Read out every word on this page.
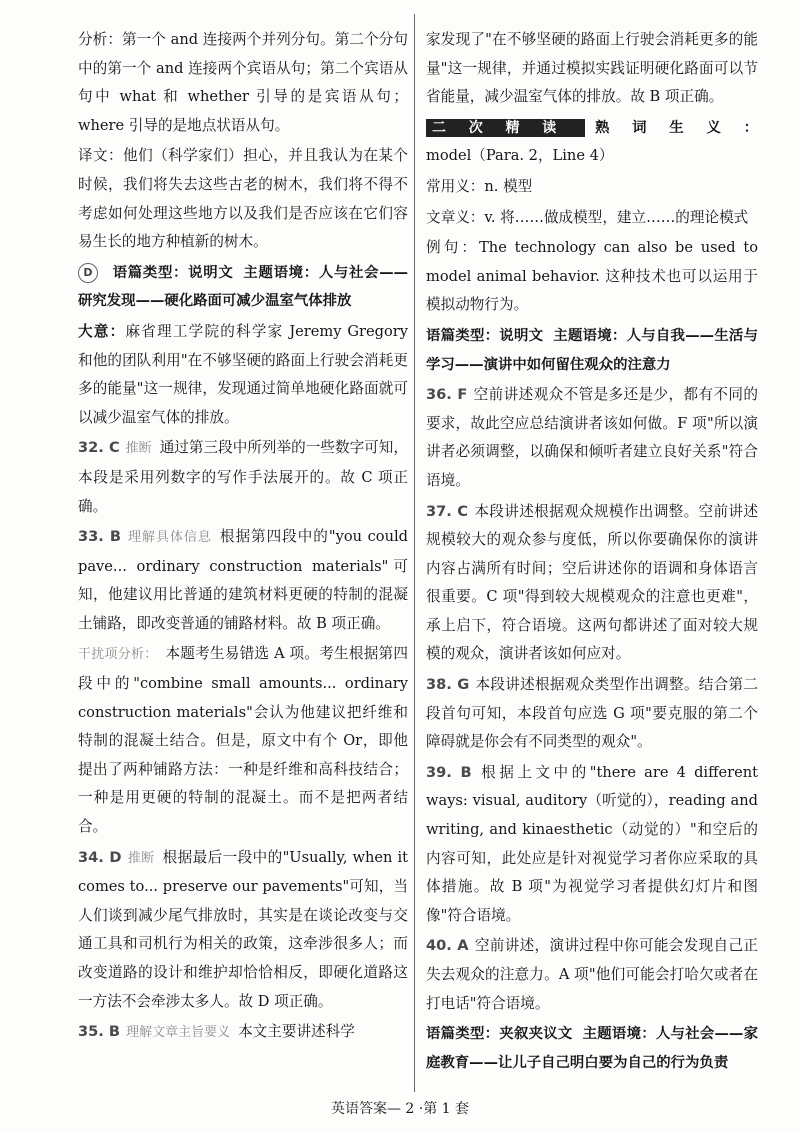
分析：第一个 and 连接两个并列分句。第二个分句中的第一个 and 连接两个宾语从句；第二个宾语从句中 what 和 whether 引导的是宾语从句；where 引导的是地点状语从句。
译文：他们（科学家们）担心，并且我认为在某个时候，我们将失去这些古老的树木，我们将不得不考虑如何处理这些地方以及我们是否应该在它们容易生长的地方种植新的树木。
D 语篇类型：说明文 主题语境：人与社会——研究发现——硬化路面可减少温室气体排放
大意：麻省理工学院的科学家 Jeremy Gregory 和他的团队利用"在不够坚硬的路面上行驶会消耗更多的能量"这一规律，发现通过简单地硬化路面就可以减少温室气体的排放。
32. C 推断 通过第三段中所列举的一些数字可知，本段是采用列数字的写作手法展开的。故 C 项正确。
33. B 理解具体信息 根据第四段中的"you could pave... ordinary construction materials"可知，他建议用比普通的建筑材料更硬的特制的混凝土铺路，即改变普通的铺路材料。故 B 项正确。
干扰项分析： 本题考生易错选 A 项。考生根据第四段中的"combine small amounts... ordinary construction materials"会认为他建议把纤维和特制的混凝土结合。但是，原文中有个 Or，即他提出了两种铺路方法：一种是纤维和高科技结合；一种是用更硬的特制的混凝土。而不是把两者结合。
34. D 推断 根据最后一段中的"Usually, when it comes to... preserve our pavements"可知，当人们谈到减少尾气排放时，其实是在谈论改变与交通工具和司机行为相关的政策，这牵涉很多人；而改变道路的设计和维护却恰恰相反，即硬化道路这一方法不会牵涉太多人。故 D 项正确。
35. B 理解文章主旨要义 本文主要讲述科学
家发现了"在不够坚硬的路面上行驶会消耗更多的能量"这一规律，并通过模拟实践证明硬化路面可以节省能量，减少温室气体的排放。故 B 项正确。
二次精读 熟词生义：model（Para. 2，Line 4）
常用义：n. 模型
文章义：v. 将……做成模型，建立……的理论模式
例句：The technology can also be used to model animal behavior. 这种技术也可以运用于模拟动物行为。
语篇类型：说明文 主题语境：人与自我——生活与学习——演讲中如何留住观众的注意力
36. F 空前讲述观众不管是多还是少，都有不同的要求，故此空应总结演讲者该如何做。F 项"所以演讲者必须调整，以确保和倾听者建立良好关系"符合语境。
37. C 本段讲述根据观众规模作出调整。空前讲述规模较大的观众参与度低，所以你要确保你的演讲内容占满所有时间；空后讲述你的语调和身体语言很重要。C 项"得到较大规模观众的注意也更难"，承上启下，符合语境。这两句都讲述了面对较大规模的观众，演讲者该如何应对。
38. G 本段讲述根据观众类型作出调整。结合第二段首句可知，本段首句应选 G 项"要克服的第二个障碍就是你会有不同类型的观众"。
39. B 根据上文中的"there are 4 different ways: visual, auditory（听觉的），reading and writing, and kinaesthetic（动觉的）"和空后的内容可知，此处应是针对视觉学习者你应采取的具体措施。故 B 项"为视觉学习者提供幻灯片和图像"符合语境。
40. A 空前讲述，演讲过程中你可能会发现自己正失去观众的注意力。A 项"他们可能会打哈欠或者在打电话"符合语境。
语篇类型：夹叙夹议文 主题语境：人与社会——家庭教育——让儿子自己明白要为自己的行为负责
英语答案— 2 ·第 1 套
